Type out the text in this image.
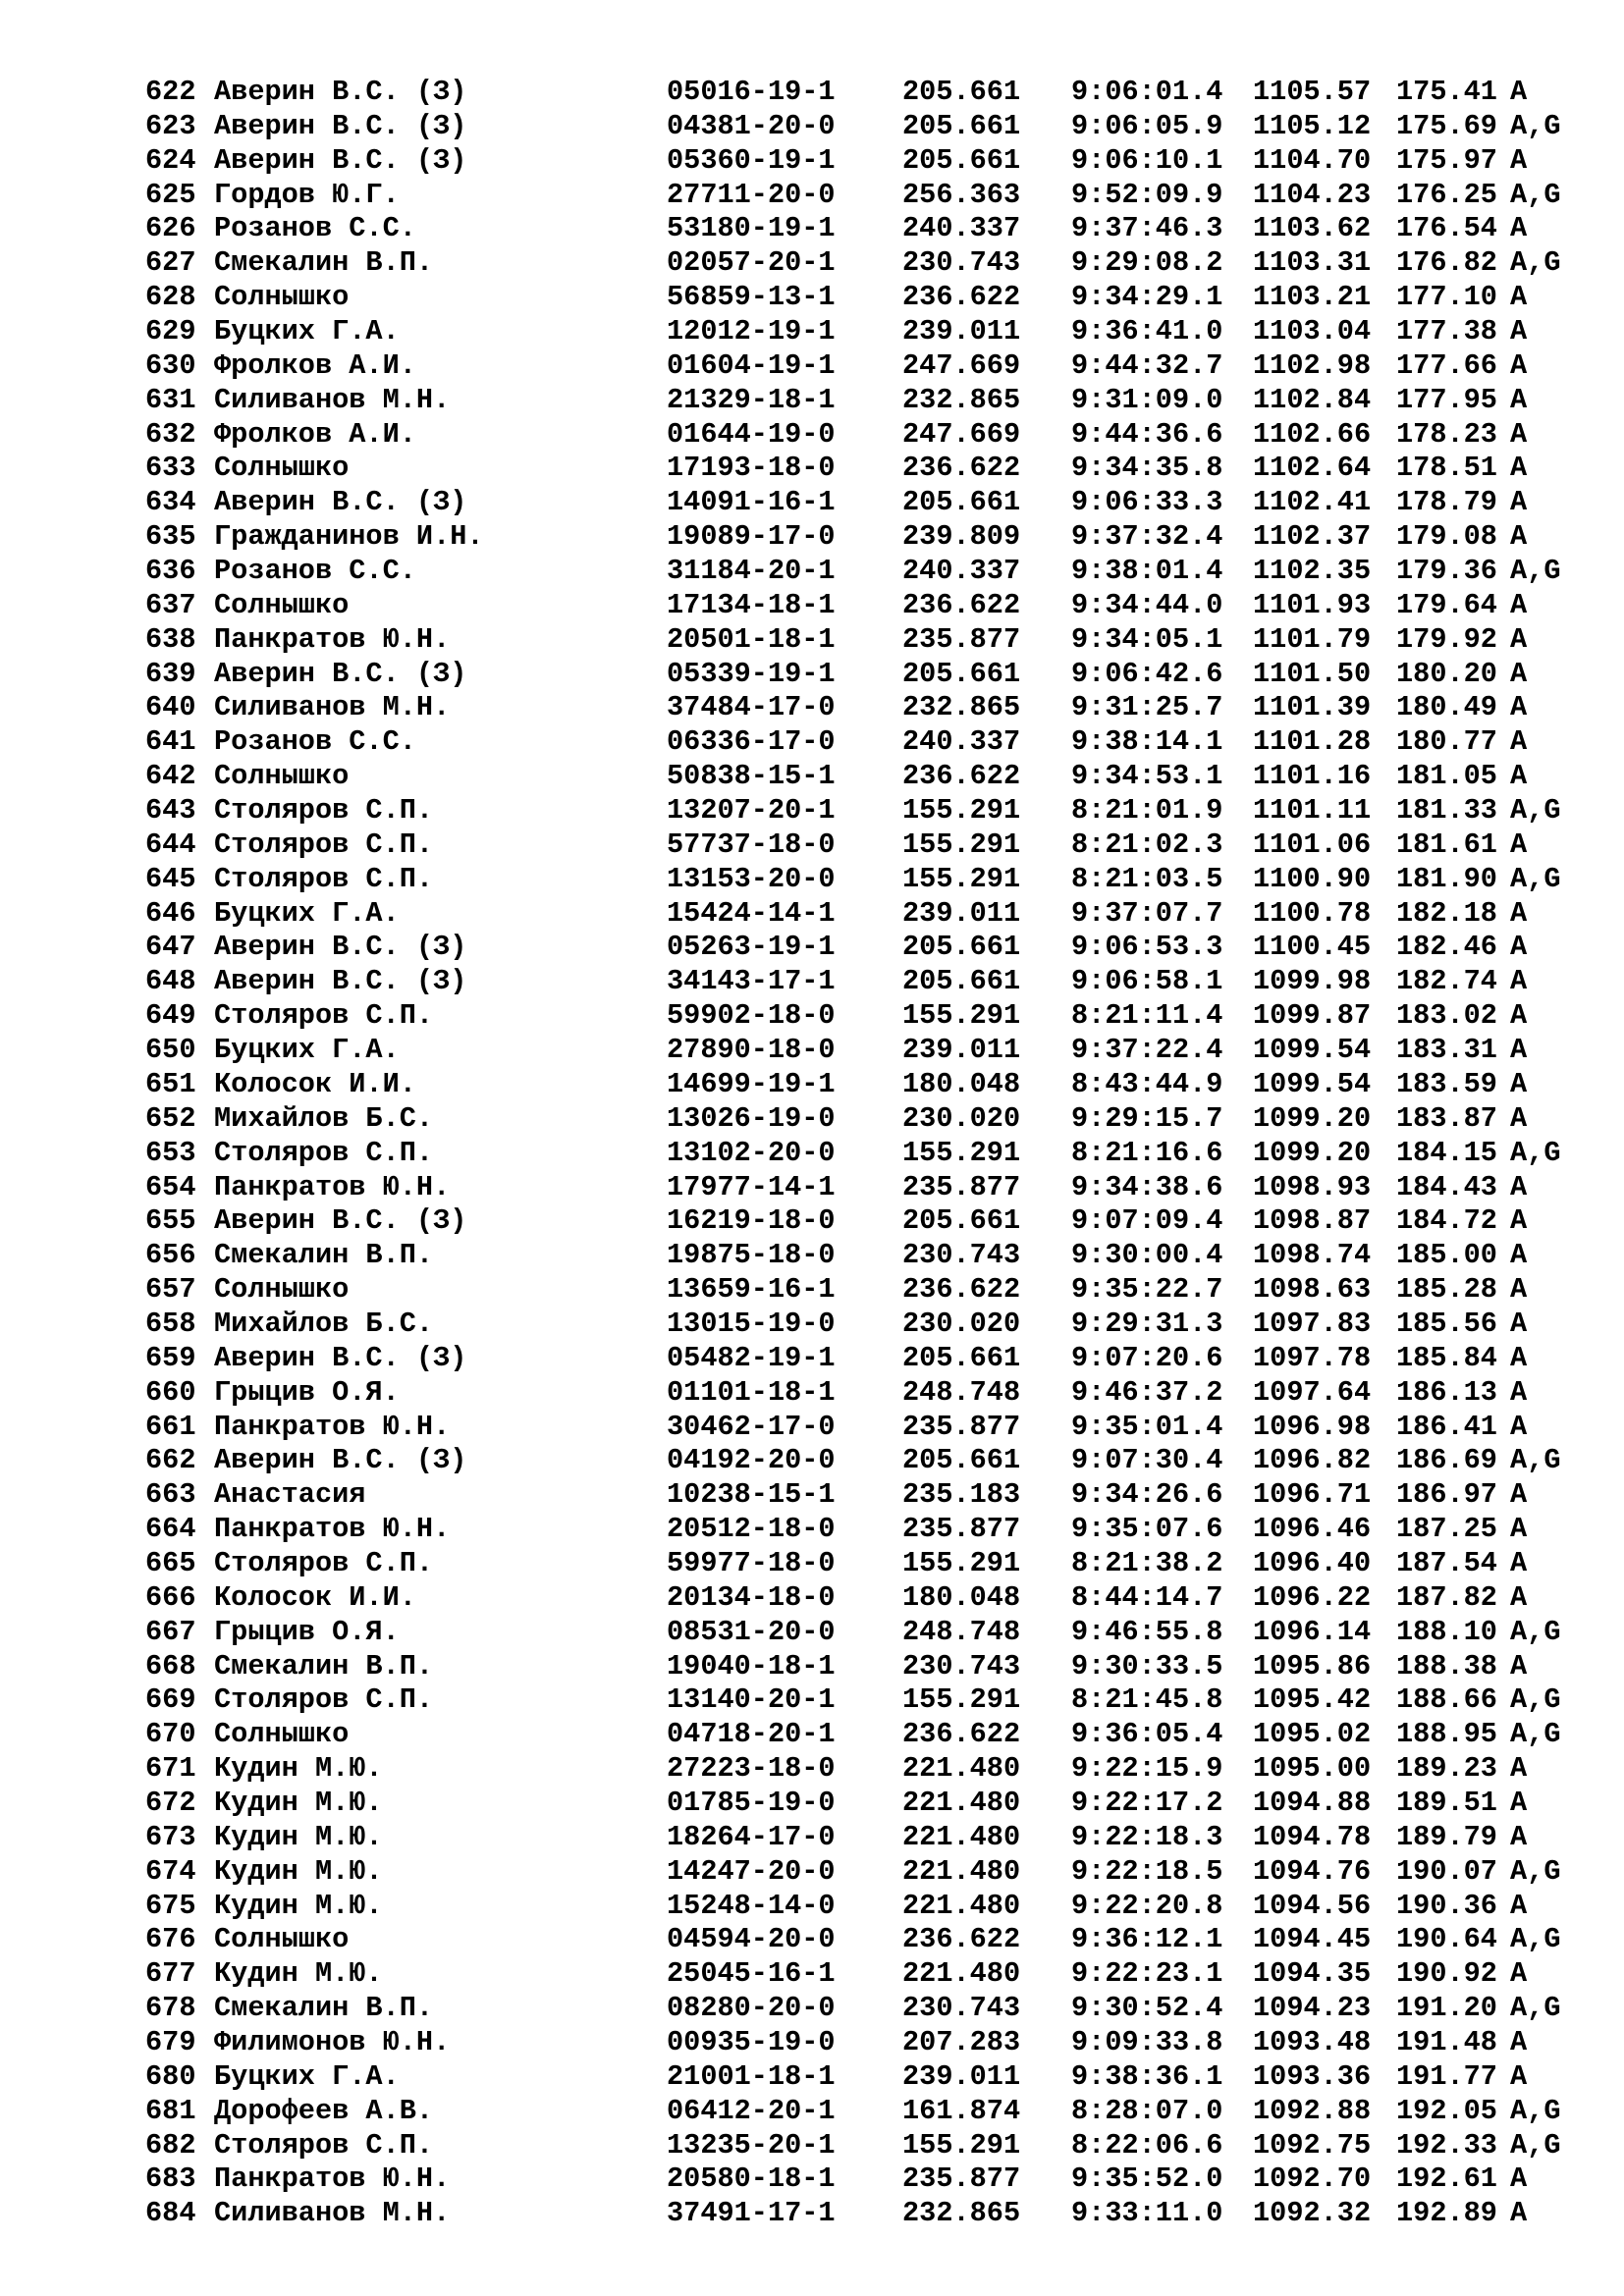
622 Аверин В.С. (З)	05016-19-1 205.661 9:06:01.4 1105.57 175.41 A
623 Аверин В.С. (З)	04381-20-0 205.661 9:06:05.9 1105.12 175.69 A,G
624 Аверин В.С. (З)	05360-19-1 205.661 9:06:10.1 1104.70 175.97 A
625 Гордов Ю.Г.	27711-20-0 256.363 9:52:09.9 1104.23 176.25 A,G
626 Розанов С.С.	53180-19-1 240.337 9:37:46.3 1103.62 176.54 A
627 Смекалин В.П.	02057-20-1 230.743 9:29:08.2 1103.31 176.82 A,G
628 Солнышко	56859-13-1 236.622 9:34:29.1 1103.21 177.10 A
629 Буцких Г.А.	12012-19-1 239.011 9:36:41.0 1103.04 177.38 A
630 Фролков А.И.	01604-19-1 247.669 9:44:32.7 1102.98 177.66 A
631 Силиванов М.Н.	21329-18-1 232.865 9:31:09.0 1102.84 177.95 A
632 Фролков А.И.	01644-19-0 247.669 9:44:36.6 1102.66 178.23 A
633 Солнышко	17193-18-0 236.622 9:34:35.8 1102.64 178.51 A
634 Аверин В.С. (З)	14091-16-1 205.661 9:06:33.3 1102.41 178.79 A
635 Гражданинов И.Н.	19089-17-0 239.809 9:37:32.4 1102.37 179.08 A
636 Розанов С.С.	31184-20-1 240.337 9:38:01.4 1102.35 179.36 A,G
637 Солнышко	17134-18-1 236.622 9:34:44.0 1101.93 179.64 A
638 Панкратов Ю.Н.	20501-18-1 235.877 9:34:05.1 1101.79 179.92 A
639 Аверин В.С. (З)	05339-19-1 205.661 9:06:42.6 1101.50 180.20 A
640 Силиванов М.Н.	37484-17-0 232.865 9:31:25.7 1101.39 180.49 A
641 Розанов С.С.	06336-17-0 240.337 9:38:14.1 1101.28 180.77 A
642 Солнышко	50838-15-1 236.622 9:34:53.1 1101.16 181.05 A
643 Столяров С.П.	13207-20-1 155.291 8:21:01.9 1101.11 181.33 A,G
644 Столяров С.П.	57737-18-0 155.291 8:21:02.3 1101.06 181.61 A
645 Столяров С.П.	13153-20-0 155.291 8:21:03.5 1100.90 181.90 A,G
646 Буцких Г.А.	15424-14-1 239.011 9:37:07.7 1100.78 182.18 A
647 Аверин В.С. (З)	05263-19-1 205.661 9:06:53.3 1100.45 182.46 A
648 Аверин В.С. (З)	34143-17-1 205.661 9:06:58.1 1099.98 182.74 A
649 Столяров С.П.	59902-18-0 155.291 8:21:11.4 1099.87 183.02 A
650 Буцких Г.А.	27890-18-0 239.011 9:37:22.4 1099.54 183.31 A
651 Колосок И.И.	14699-19-1 180.048 8:43:44.9 1099.54 183.59 A
652 Михайлов Б.С.	13026-19-0 230.020 9:29:15.7 1099.20 183.87 A
653 Столяров С.П.	13102-20-0 155.291 8:21:16.6 1099.20 184.15 A,G
654 Панкратов Ю.Н.	17977-14-1 235.877 9:34:38.6 1098.93 184.43 A
655 Аверин В.С. (З)	16219-18-0 205.661 9:07:09.4 1098.87 184.72 A
656 Смекалин В.П.	19875-18-0 230.743 9:30:00.4 1098.74 185.00 A
657 Солнышко	13659-16-1 236.622 9:35:22.7 1098.63 185.28 A
658 Михайлов Б.С.	13015-19-0 230.020 9:29:31.3 1097.83 185.56 A
659 Аверин В.С. (З)	05482-19-1 205.661 9:07:20.6 1097.78 185.84 A
660 Грыцив О.Я.	01101-18-1 248.748 9:46:37.2 1097.64 186.13 A
661 Панкратов Ю.Н.	30462-17-0 235.877 9:35:01.4 1096.98 186.41 A
662 Аверин В.С. (З)	04192-20-0 205.661 9:07:30.4 1096.82 186.69 A,G
663 Анастасия	10238-15-1 235.183 9:34:26.6 1096.71 186.97 A
664 Панкратов Ю.Н.	20512-18-0 235.877 9:35:07.6 1096.46 187.25 A
665 Столяров С.П.	59977-18-0 155.291 8:21:38.2 1096.40 187.54 A
666 Колосок И.И.	20134-18-0 180.048 8:44:14.7 1096.22 187.82 A
667 Грыцив О.Я.	08531-20-0 248.748 9:46:55.8 1096.14 188.10 A,G
668 Смекалин В.П.	19040-18-1 230.743 9:30:33.5 1095.86 188.38 A
669 Столяров С.П.	13140-20-1 155.291 8:21:45.8 1095.42 188.66 A,G
670 Солнышко	04718-20-1 236.622 9:36:05.4 1095.02 188.95 A,G
671 Кудин М.Ю.	27223-18-0 221.480 9:22:15.9 1095.00 189.23 A
672 Кудин М.Ю.	01785-19-0 221.480 9:22:17.2 1094.88 189.51 A
673 Кудин М.Ю.	18264-17-0 221.480 9:22:18.3 1094.78 189.79 A
674 Кудин М.Ю.	14247-20-0 221.480 9:22:18.5 1094.76 190.07 A,G
675 Кудин М.Ю.	15248-14-0 221.480 9:22:20.8 1094.56 190.36 A
676 Солнышко	04594-20-0 236.622 9:36:12.1 1094.45 190.64 A,G
677 Кудин М.Ю.	25045-16-1 221.480 9:22:23.1 1094.35 190.92 A
678 Смекалин В.П.	08280-20-0 230.743 9:30:52.4 1094.23 191.20 A,G
679 Филимонов Ю.Н.	00935-19-0 207.283 9:09:33.8 1093.48 191.48 A
680 Буцких Г.А.	21001-18-1 239.011 9:38:36.1 1093.36 191.77 A
681 Дорофеев А.В.	06412-20-1 161.874 8:28:07.0 1092.88 192.05 A,G
682 Столяров С.П.	13235-20-1 155.291 8:22:06.6 1092.75 192.33 A,G
683 Панкратов Ю.Н.	20580-18-1 235.877 9:35:52.0 1092.70 192.61 A
684 Силиванов М.Н.	37491-17-1 232.865 9:33:11.0 1092.32 192.89 A
